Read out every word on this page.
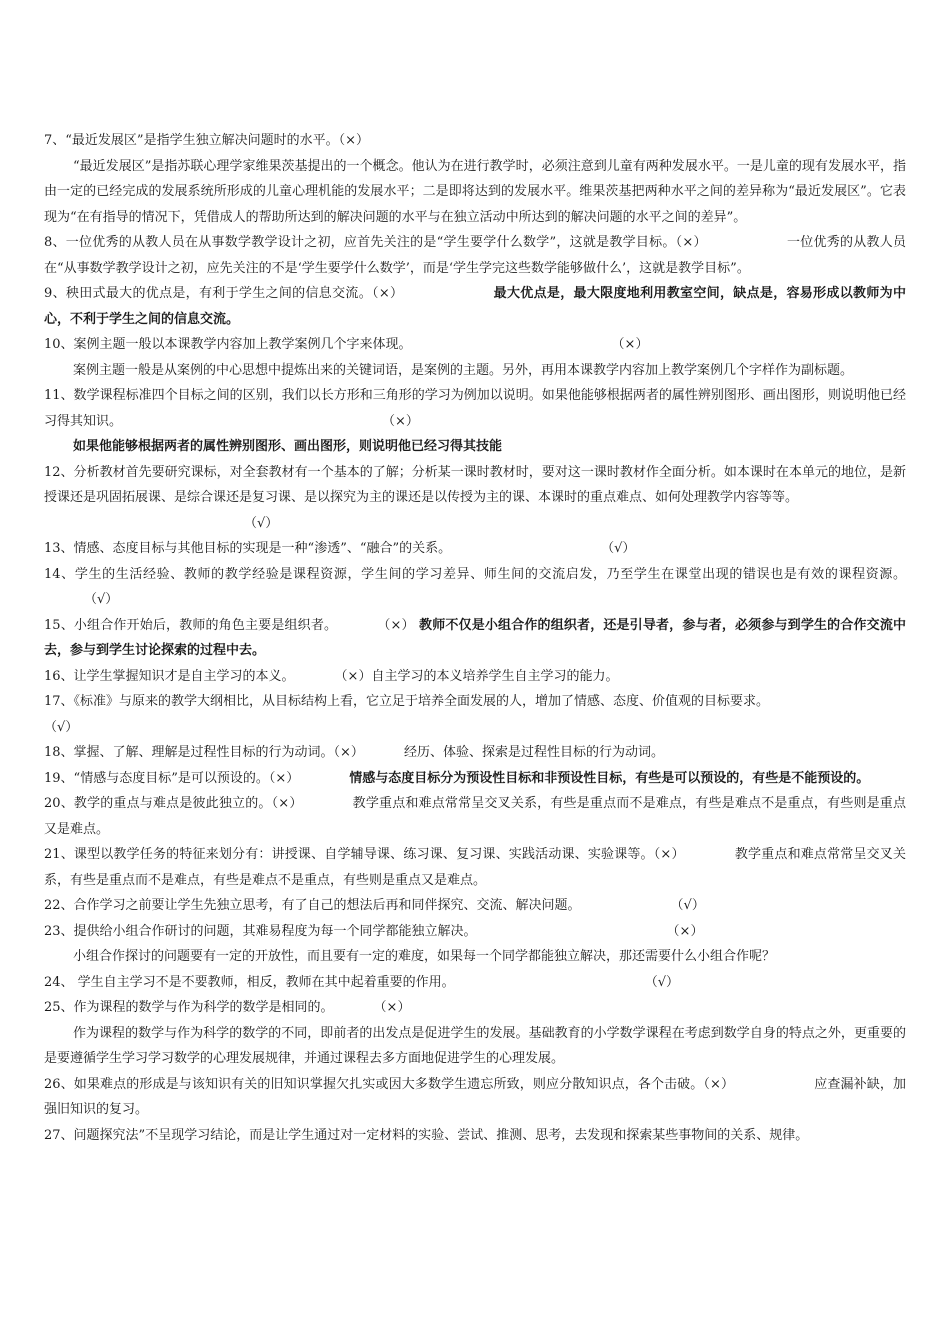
7、“最近发展区”是指学生独立解决问题时的水平。（×）

“最近发展区”是指苏联心理学家维果茨基提出的一个概念。他认为在进行教学时，必须注意到儿童有两种发展水平。一是儿童的现有发展水平，指由一定的已经完成的发展系统所形成的儿童心理机能的发展水平；二是即将达到的发展水平。维果茨基把两种水平之间的差异称为“最近发展区”。它表现为“在有指导的情况下，凭借成人的帮助所达到的解决问题的水平与在独立活动中所达到的解决问题的水平之间的差异”。

8、一位优秀的从教人员在从事数学教学设计之初，应首先关注的是“学生要学什么数学”，这就是教学目标。（×）	一位优秀的从教人员在“从事数学教学设计之初，应先关注的不是‘学生要学什么数学’，而是‘学生学完这些数学能够做什么’，这就是教学目标”。

9、秧田式最大的优点是，有利于学生之间的信息交流。（×）	最大优点是，最大限度地利用教室空间，缺点是，容易形成以教师为中心，不利于学生之间的信息交流。

10、案例主题一般以本课教学内容加上教学案例几个字来体现。	（×）

案例主题一般是从案例的中心思想中提炼出来的关键词语，是案例的主题。另外，再用本课教学内容加上教学案例几个字样作为副标题。

11、数学课程标准四个目标之间的区别，我们以长方形和三角形的学习为例加以说明。如果他能够根据两者的属性辨别图形、画出图形，则说明他已经习得其知识。	（×）

如果他能够根据两者的属性辨别图形、画出图形，则说明他已经习得其技能

12、分析教材首先要研究课标，对全套教材有一个基本的了解；分析某一课时教材时，要对这一课时教材作全面分析。如本课时在本单元的地位，是新授课还是巩固拓展课、是综合课还是复习课、是以探究为主的课还是以传授为主的课、本课时的重点难点、如何处理教学内容等等。

（√）

13、情感、态度目标与其他目标的实现是一种“渗透”、“融合”的关系。	（√）

14、学生的生活经验、教师的教学经验是课程资源，学生间的学习差异、师生间的交流启发，乃至学生在课堂出现的错误也是有效的课程资源。（√）

15、小组合作开始后，教师的角色主要是组织者。	（×） 教师不仅是小组合作的组织者，还是引导者，参与者，必须参与到学生的合作交流中去，参与到学生讨论探索的过程中去。

16、让学生掌握知识才是自主学习的本义。	（×）自主学习的本义培养学生自主学习的能力。

17、《标准》与原来的教学大纲相比，从目标结构上看，它立足于培养全面发展的人，增加了情感、态度、价值观的目标要求。

（√）

18、掌握、了解、理解是过程性目标的行为动词。（×）	经历、体验、探索是过程性目标的行为动词。

19、“情感与态度目标”是可以预设的。（×）	情感与态度目标分为预设性目标和非预设性目标，有些是可以预设的，有些是不能预设的。

20、教学的重点与难点是彼此独立的。（×）	教学重点和难点常常呈交叉关系，有些是重点而不是难点，有些是难点不是重点，有些则是重点又是难点。

21、课型以教学任务的特征来划分有：讲授课、自学辅导课、练习课、复习课、实践活动课、实验课等。（×）	教学重点和难点常常呈交叉关系，有些是重点而不是难点，有些是难点不是重点，有些则是重点又是难点。

22、合作学习之前要让学生先独立思考，有了自己的想法后再和同伴探究、交流、解决问题。	（√）

23、提供给小组合作研讨的问题，其难易程度为每一个同学都能独立解决。	（×）

小组合作探讨的问题要有一定的开放性，而且要有一定的难度，如果每一个同学都能独立解决，那还需要什么小组合作呢？

24、 学生自主学习不是不要教师，相反，教师在其中起着重要的作用。	（√）

25、作为课程的数学与作为科学的数学是相同的。	（×）

作为课程的数学与作为科学的数学的不同，即前者的出发点是促进学生的发展。基础教育的小学数学课程在考虑到数学自身的特点之外，更重要的是要遵循学生学习学习数学的心理发展规律，并通过课程去多方面地促进学生的心理发展。

26、如果难点的形成是与该知识有关的旧知识掌握欠扎实或因大多数学生遗忘所致，则应分散知识点，各个击破。（×）	应查漏补缺，加强旧知识的复习。

27、问题探究法”不呈现学习结论，而是让学生通过对一定材料的实验、尝试、推测、思考，去发现和探索某些事物间的关系、规律。
